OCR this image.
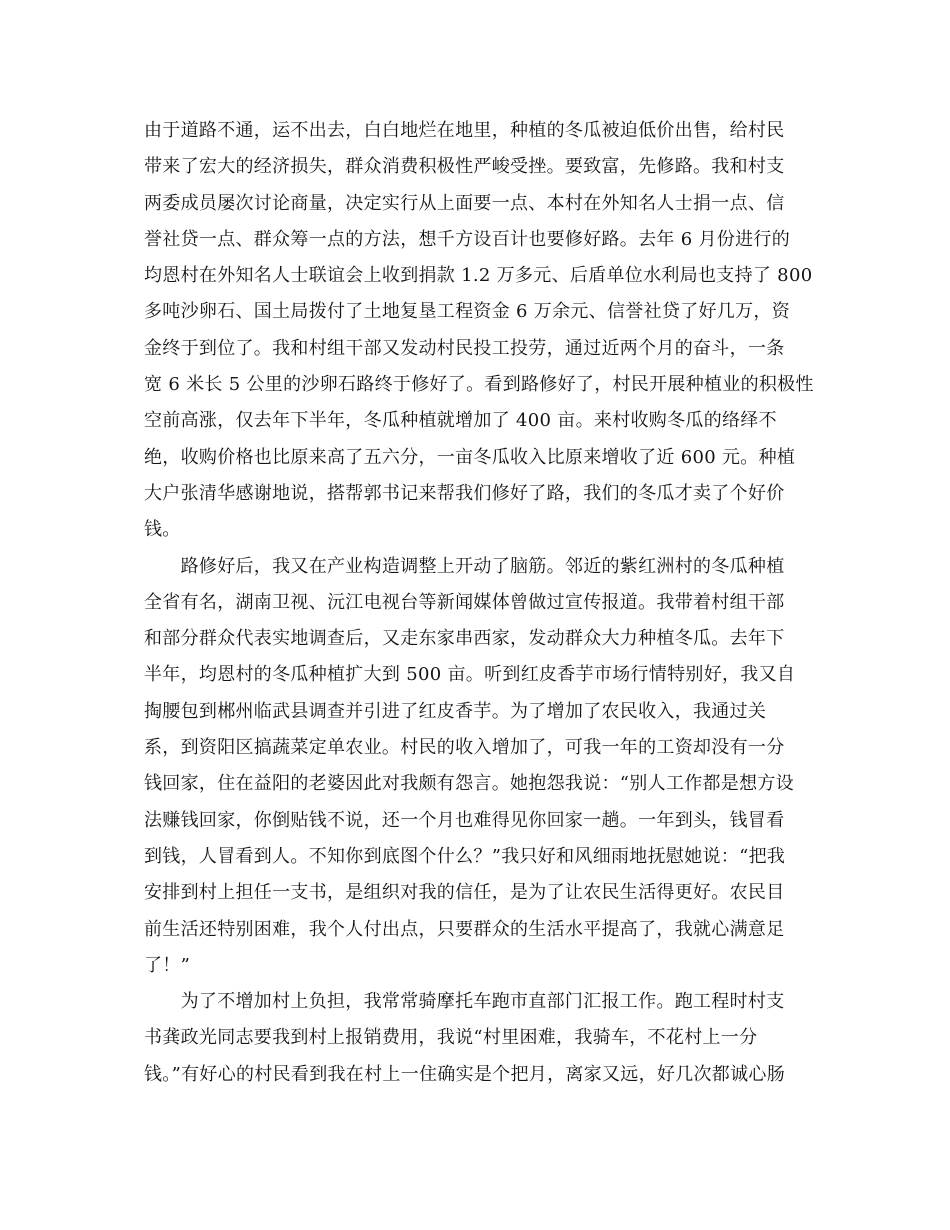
由于道路不通，运不出去，白白地烂在地里，种植的冬瓜被迫低价出售，给村民
带来了宏大的经济损失，群众消费积极性严峻受挫。要致富，先修路。我和村支
两委成员屡次讨论商量，决定实行从上面要一点、本村在外知名人士捐一点、信
誉社贷一点、群众筹一点的方法，想千方设百计也要修好路。去年 6 月份进行的
均恩村在外知名人士联谊会上收到捐款 1.2 万多元、后盾单位水利局也支持了 800
多吨沙卵石、国土局拨付了土地复垦工程资金 6 万余元、信誉社贷了好几万，资
金终于到位了。我和村组干部又发动村民投工投劳，通过近两个月的奋斗，一条
宽 6 米长 5 公里的沙卵石路终于修好了。看到路修好了，村民开展种植业的积极性
空前高涨，仅去年下半年，冬瓜种植就增加了 400 亩。来村收购冬瓜的络绎不
绝，收购价格也比原来高了五六分，一亩冬瓜收入比原来增收了近 600 元。种植
大户张清华感谢地说，搭帮郭书记来帮我们修好了路，我们的冬瓜才卖了个好价
钱。
　　路修好后，我又在产业构造调整上开动了脑筋。邻近的紫红洲村的冬瓜种植
全省有名，湖南卫视、沅江电视台等新闻媒体曾做过宣传报道。我带着村组干部
和部分群众代表实地调查后，又走东家串西家，发动群众大力种植冬瓜。去年下
半年，均恩村的冬瓜种植扩大到 500 亩。听到红皮香芋市场行情特别好，我又自
掏腰包到郴州临武县调查并引进了红皮香芋。为了增加了农民收入，我通过关
系，到资阳区搞蔬菜定单农业。村民的收入增加了，可我一年的工资却没有一分
钱回家，住在益阳的老婆因此对我颇有怨言。她抱怨我说：“别人工作都是想方设
法赚钱回家，你倒贴钱不说，还一个月也难得见你回家一趟。一年到头，钱冒看
到钱，人冒看到人。不知你到底图个什么？”我只好和风细雨地抚慰她说：“把我
安排到村上担任一支书，是组织对我的信任，是为了让农民生活得更好。农民目
前生活还特别困难，我个人付出点，只要群众的生活水平提高了，我就心满意足
了！”
　　为了不增加村上负担，我常常骑摩托车跑市直部门汇报工作。跑工程时村支
书龚政光同志要我到村上报销费用，我说“村里困难，我骑车，不花村上一分
钱。”有好心的村民看到我在村上一住确实是个把月，离家又远，好几次都诚心肠
